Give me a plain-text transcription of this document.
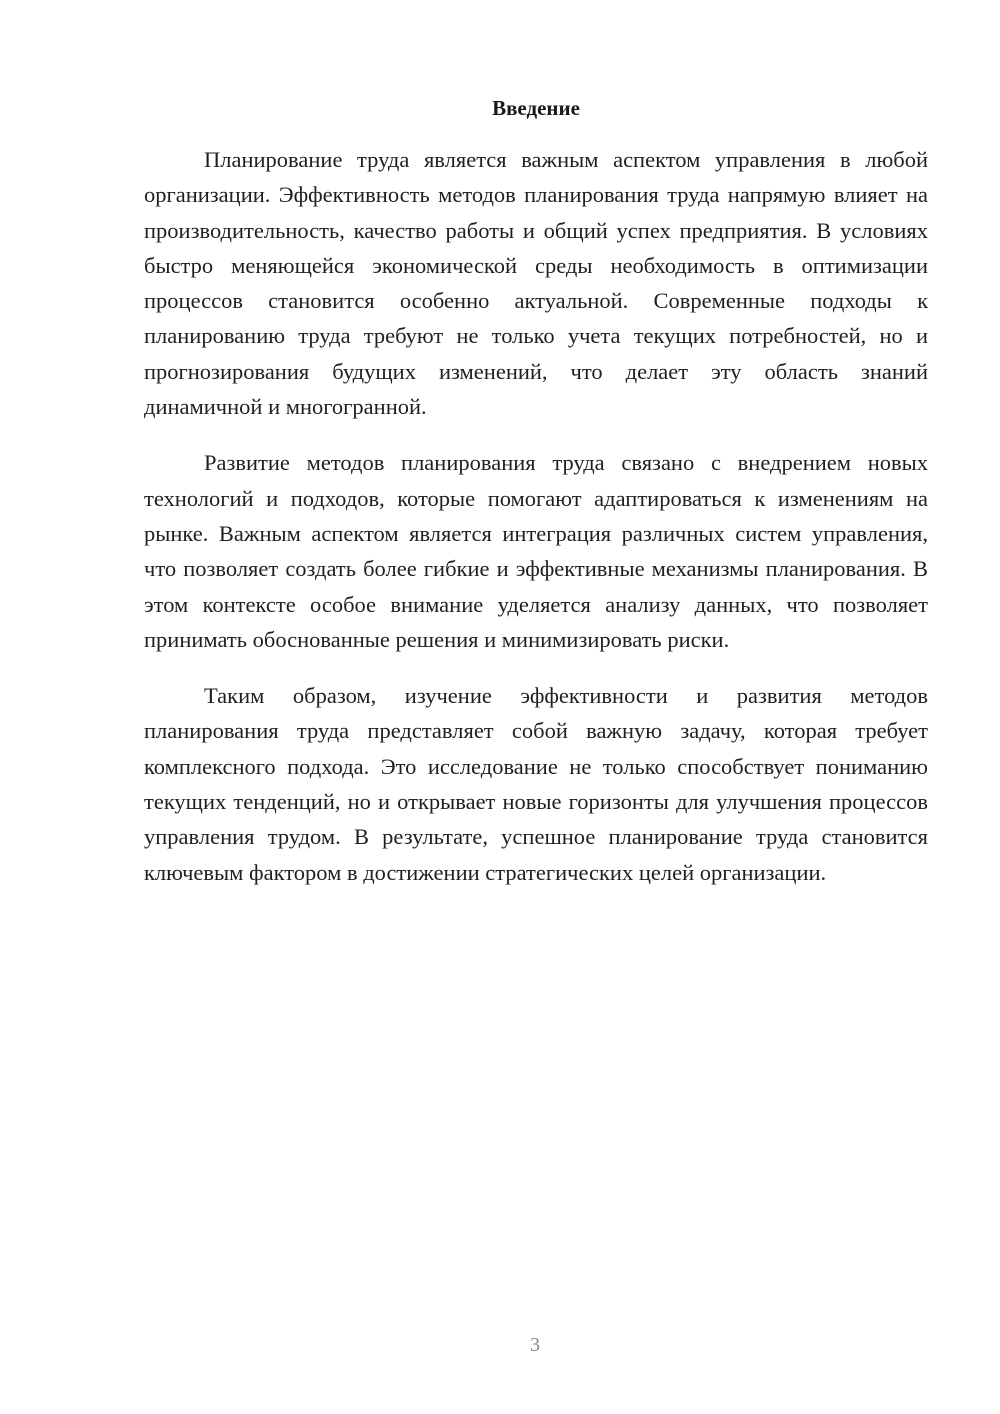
Введение

Планирование труда является важным аспектом управления в любой организации. Эффективность методов планирования труда напрямую влияет на производительность, качество работы и общий успех предприятия. В условиях быстро меняющейся экономической среды необходимость в оптимизации процессов становится особенно актуальной. Современные подходы к планированию труда требуют не только учета текущих потребностей, но и прогнозирования будущих изменений, что делает эту область знаний динамичной и многогранной.

Развитие методов планирования труда связано с внедрением новых технологий и подходов, которые помогают адаптироваться к изменениям на рынке. Важным аспектом является интеграция различных систем управления, что позволяет создать более гибкие и эффективные механизмы планирования. В этом контексте особое внимание уделяется анализу данных, что позволяет принимать обоснованные решения и минимизировать риски.

Таким образом, изучение эффективности и развития методов планирования труда представляет собой важную задачу, которая требует комплексного подхода. Это исследование не только способствует пониманию текущих тенденций, но и открывает новые горизонты для улучшения процессов управления трудом. В результате, успешное планирование труда становится ключевым фактором в достижении стратегических целей организации.

3
